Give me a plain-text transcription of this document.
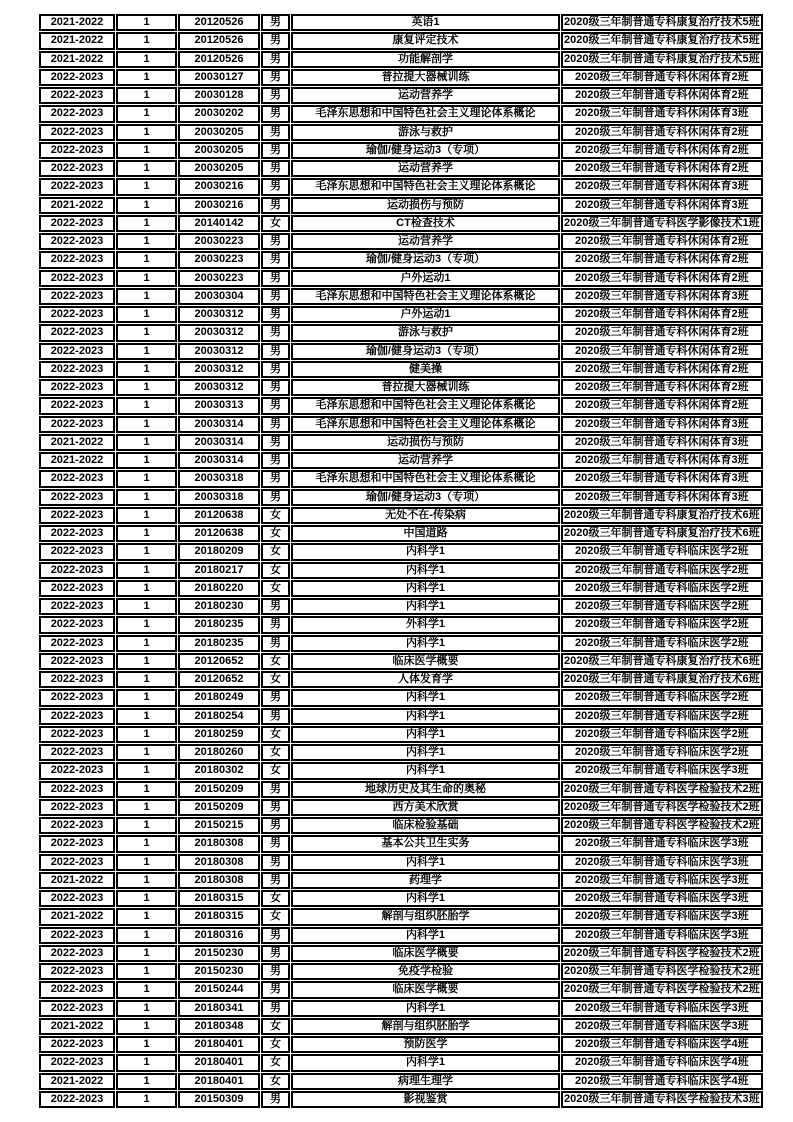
2021-2022	1	20120526	男	英语1	2020级三年制普通专科康复治疗技术5班
2021-2022	1	20120526	男	康复评定技术	2020级三年制普通专科康复治疗技术5班
2021-2022	1	20120526	男	功能解剖学	2020级三年制普通专科康复治疗技术5班
2022-2023	1	20030127	男	普拉提大器械训练	2020级三年制普通专科休闲体育2班
2022-2023	1	20030128	男	运动营养学	2020级三年制普通专科休闲体育2班
2022-2023	1	20030202	男	毛泽东思想和中国特色社会主义理论体系概论	2020级三年制普通专科休闲体育3班
2022-2023	1	20030205	男	游泳与救护	2020级三年制普通专科休闲体育2班
2022-2023	1	20030205	男	瑜伽/健身运动3（专项）	2020级三年制普通专科休闲体育2班
2022-2023	1	20030205	男	运动营养学	2020级三年制普通专科休闲体育2班
2022-2023	1	20030216	男	毛泽东思想和中国特色社会主义理论体系概论	2020级三年制普通专科休闲体育3班
2021-2022	1	20030216	男	运动损伤与预防	2020级三年制普通专科休闲体育3班
2022-2023	1	20140142	女	CT检查技术	2020级三年制普通专科医学影像技术1班
2022-2023	1	20030223	男	运动营养学	2020级三年制普通专科休闲体育2班
2022-2023	1	20030223	男	瑜伽/健身运动3（专项）	2020级三年制普通专科休闲体育2班
2022-2023	1	20030223	男	户外运动1	2020级三年制普通专科休闲体育2班
2022-2023	1	20030304	男	毛泽东思想和中国特色社会主义理论体系概论	2020级三年制普通专科休闲体育3班
2022-2023	1	20030312	男	户外运动1	2020级三年制普通专科休闲体育2班
2022-2023	1	20030312	男	游泳与救护	2020级三年制普通专科休闲体育2班
2022-2023	1	20030312	男	瑜伽/健身运动3（专项）	2020级三年制普通专科休闲体育2班
2022-2023	1	20030312	男	健美操	2020级三年制普通专科休闲体育2班
2022-2023	1	20030312	男	普拉提大器械训练	2020级三年制普通专科休闲体育2班
2022-2023	1	20030313	男	毛泽东思想和中国特色社会主义理论体系概论	2020级三年制普通专科休闲体育2班
2022-2023	1	20030314	男	毛泽东思想和中国特色社会主义理论体系概论	2020级三年制普通专科休闲体育3班
2021-2022	1	20030314	男	运动损伤与预防	2020级三年制普通专科休闲体育3班
2021-2022	1	20030314	男	运动营养学	2020级三年制普通专科休闲体育3班
2022-2023	1	20030318	男	毛泽东思想和中国特色社会主义理论体系概论	2020级三年制普通专科休闲体育3班
2022-2023	1	20030318	男	瑜伽/健身运动3（专项）	2020级三年制普通专科休闲体育3班
2022-2023	1	20120638	女	无处不在-传染病	2020级三年制普通专科康复治疗技术6班
2022-2023	1	20120638	女	中国道路	2020级三年制普通专科康复治疗技术6班
2022-2023	1	20180209	女	内科学1	2020级三年制普通专科临床医学2班
2022-2023	1	20180217	女	内科学1	2020级三年制普通专科临床医学2班
2022-2023	1	20180220	女	内科学1	2020级三年制普通专科临床医学2班
2022-2023	1	20180230	男	内科学1	2020级三年制普通专科临床医学2班
2022-2023	1	20180235	男	外科学1	2020级三年制普通专科临床医学2班
2022-2023	1	20180235	男	内科学1	2020级三年制普通专科临床医学2班
2022-2023	1	20120652	女	临床医学概要	2020级三年制普通专科康复治疗技术6班
2022-2023	1	20120652	女	人体发育学	2020级三年制普通专科康复治疗技术6班
2022-2023	1	20180249	男	内科学1	2020级三年制普通专科临床医学2班
2022-2023	1	20180254	男	内科学1	2020级三年制普通专科临床医学2班
2022-2023	1	20180259	女	内科学1	2020级三年制普通专科临床医学2班
2022-2023	1	20180260	女	内科学1	2020级三年制普通专科临床医学2班
2022-2023	1	20180302	女	内科学1	2020级三年制普通专科临床医学3班
2022-2023	1	20150209	男	地球历史及其生命的奥秘	2020级三年制普通专科医学检验技术2班
2022-2023	1	20150209	男	西方美术欣赏	2020级三年制普通专科医学检验技术2班
2022-2023	1	20150215	男	临床检验基础	2020级三年制普通专科医学检验技术2班
2022-2023	1	20180308	男	基本公共卫生实务	2020级三年制普通专科临床医学3班
2022-2023	1	20180308	男	内科学1	2020级三年制普通专科临床医学3班
2021-2022	1	20180308	男	药理学	2020级三年制普通专科临床医学3班
2022-2023	1	20180315	女	内科学1	2020级三年制普通专科临床医学3班
2021-2022	1	20180315	女	解剖与组织胚胎学	2020级三年制普通专科临床医学3班
2022-2023	1	20180316	男	内科学1	2020级三年制普通专科临床医学3班
2022-2023	1	20150230	男	临床医学概要	2020级三年制普通专科医学检验技术2班
2022-2023	1	20150230	男	免疫学检验	2020级三年制普通专科医学检验技术2班
2022-2023	1	20150244	男	临床医学概要	2020级三年制普通专科医学检验技术2班
2022-2023	1	20180341	男	内科学1	2020级三年制普通专科临床医学3班
2021-2022	1	20180348	女	解剖与组织胚胎学	2020级三年制普通专科临床医学3班
2022-2023	1	20180401	女	预防医学	2020级三年制普通专科临床医学4班
2022-2023	1	20180401	女	内科学1	2020级三年制普通专科临床医学4班
2021-2022	1	20180401	女	病理生理学	2020级三年制普通专科临床医学4班
2022-2023	1	20150309	男	影视鉴赏	2020级三年制普通专科医学检验技术3班
